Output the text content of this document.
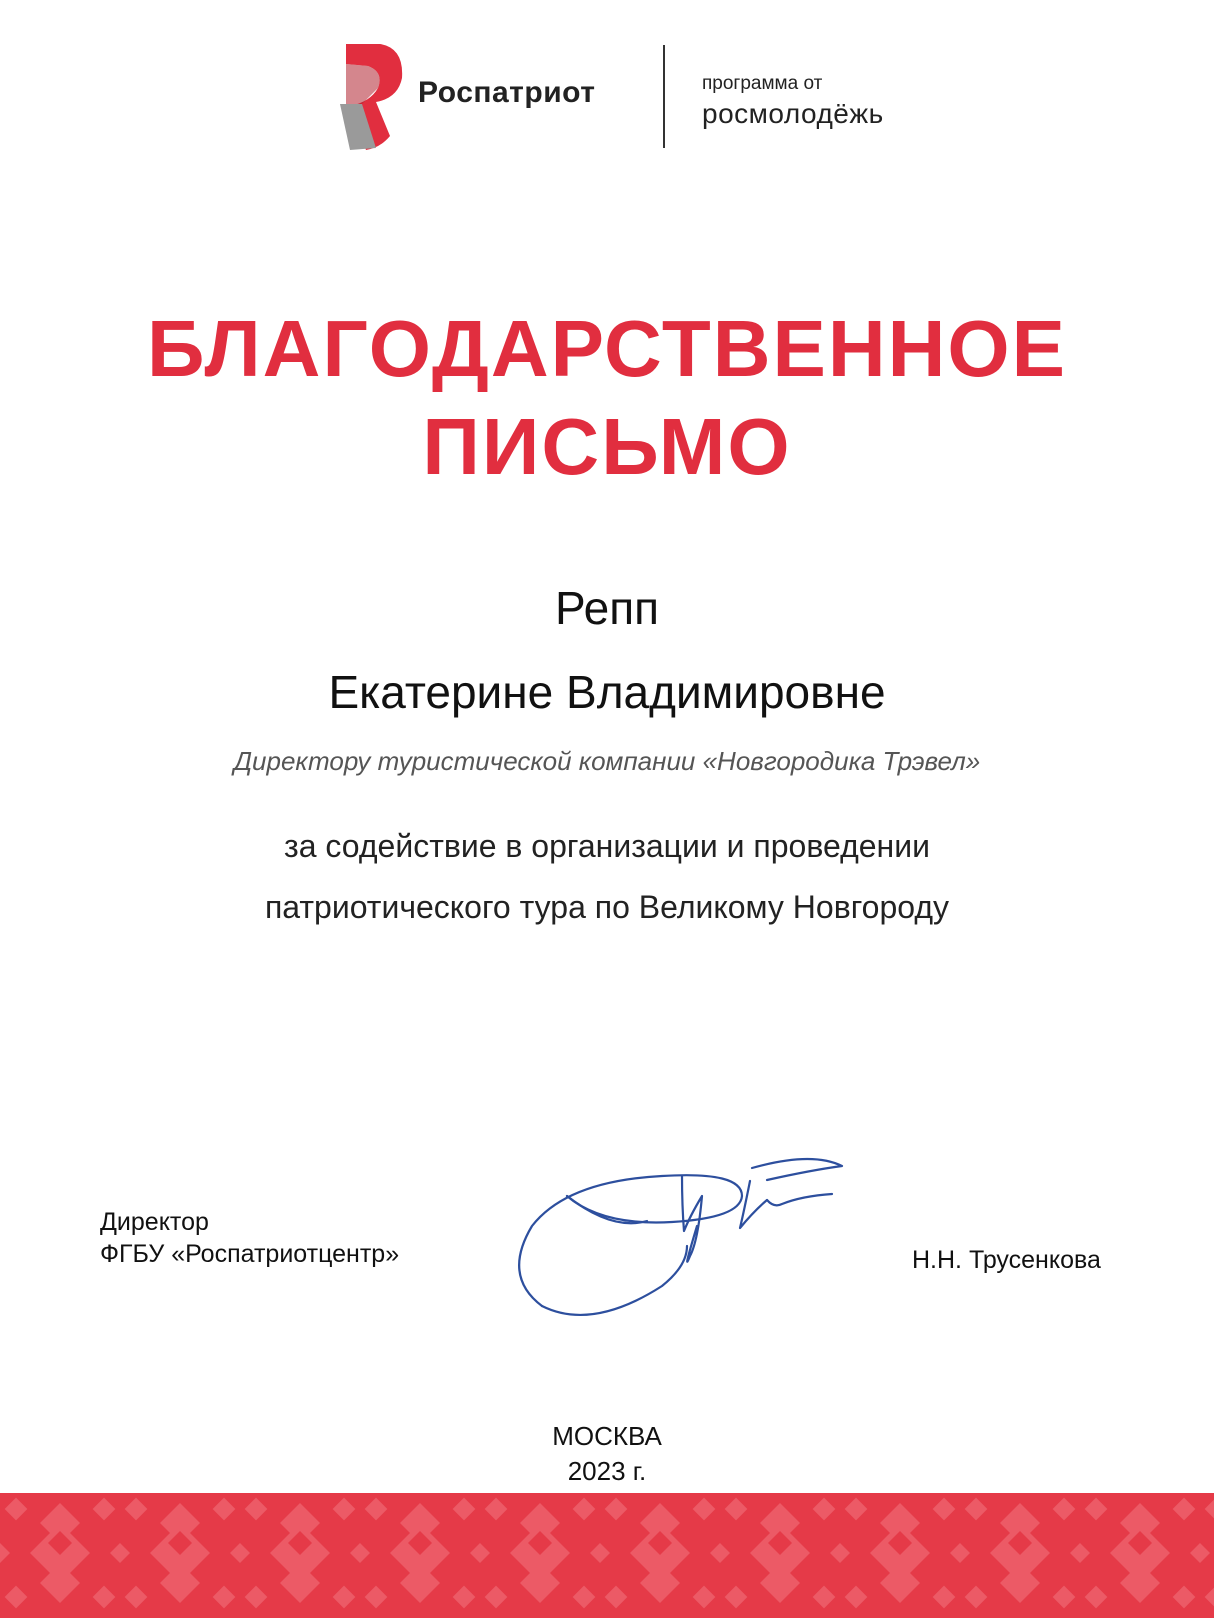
Роспатриот	программа от
росмолодёжь
БЛАГОДАРСТВЕННОЕ
ПИСЬМО
Репп
Екатерине Владимировне
Директору туристической компании «Новгородика Трэвел»
за содействие в организации и проведении
патриотического тура по Великому Новгороду
Директор
ФГБУ «Роспатриотцентр»	Н.Н. Трусенкова
МОСКВА
2023 г.
